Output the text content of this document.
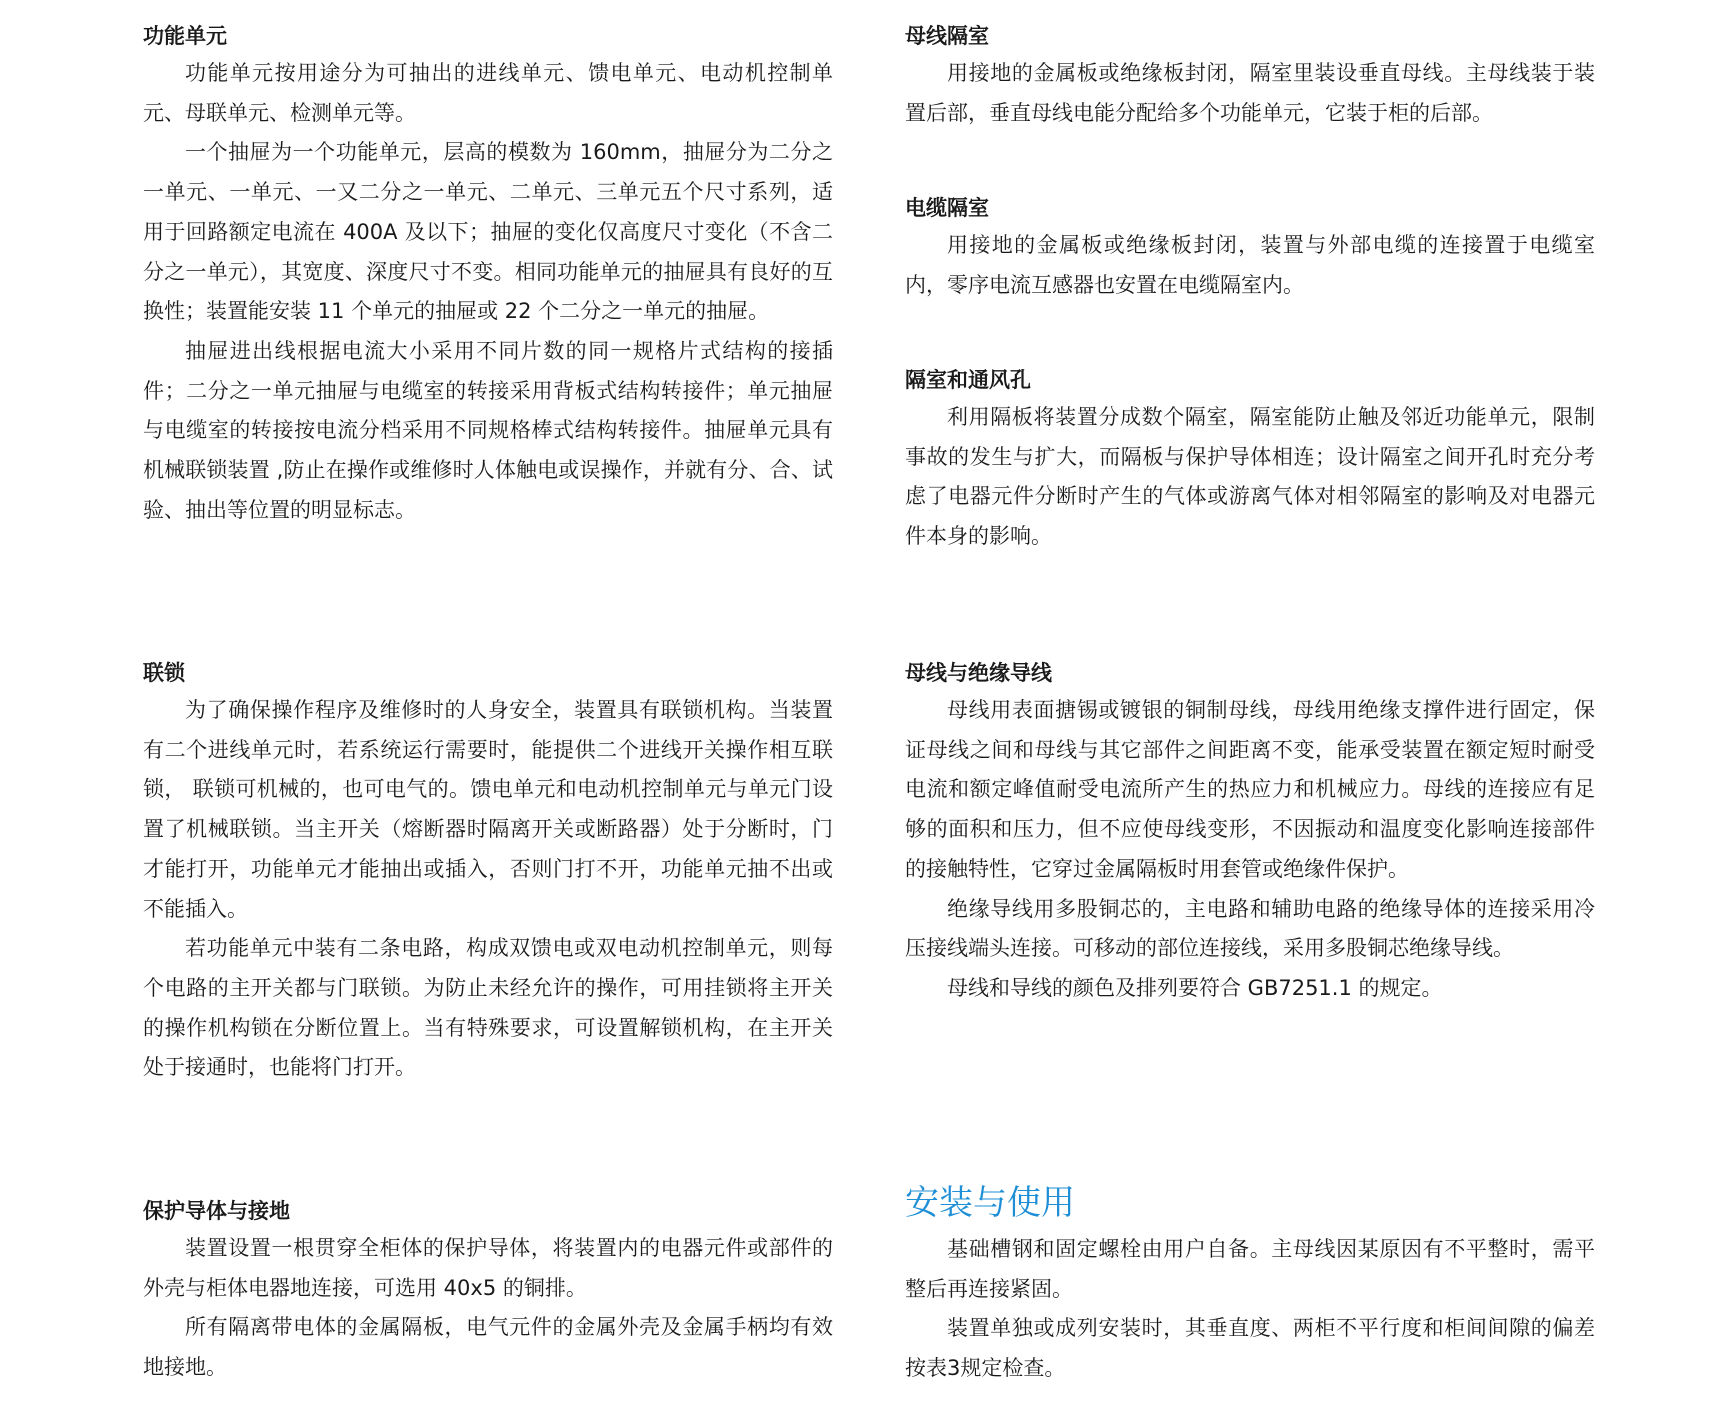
功能单元

功能单元按用途分为可抽出的进线单元、馈电单元、电动机控制单元、母联单元、检测单元等。

一个抽屉为一个功能单元，层高的模数为 160mm，抽屉分为二分之一单元、一单元、一又二分之一单元、二单元、三单元五个尺寸系列，适用于回路额定电流在 400A 及以下；抽屉的变化仅高度尺寸变化（不含二分之一单元），其宽度、深度尺寸不变。相同功能单元的抽屉具有良好的互换性；装置能安装 11 个单元的抽屉或 22 个二分之一单元的抽屉。

抽屉进出线根据电流大小采用不同片数的同一规格片式结构的接插件；二分之一单元抽屉与电缆室的转接采用背板式结构转接件；单元抽屉与电缆室的转接按电流分档采用不同规格棒式结构转接件。抽屉单元具有机械联锁装置 ,防止在操作或维修时人体触电或误操作，并就有分、合、试验、抽出等位置的明显标志。

联锁

为了确保操作程序及维修时的人身安全，装置具有联锁机构。当装置有二个进线单元时，若系统运行需要时，能提供二个进线开关操作相互联锁， 联锁可机械的，也可电气的。馈电单元和电动机控制单元与单元门设置了机械联锁。当主开关（熔断器时隔离开关或断路器）处于分断时，门才能打开，功能单元才能抽出或插入，否则门打不开，功能单元抽不出或不能插入。

若功能单元中装有二条电路，构成双馈电或双电动机控制单元，则每个电路的主开关都与门联锁。为防止未经允许的操作，可用挂锁将主开关的操作机构锁在分断位置上。当有特殊要求，可设置解锁机构，在主开关处于接通时，也能将门打开。

保护导体与接地

装置设置一根贯穿全柜体的保护导体，将装置内的电器元件或部件的外壳与柜体电器地连接，可选用 40x5 的铜排。

所有隔离带电体的金属隔板，电气元件的金属外壳及金属手柄均有效地接地。

母线隔室

用接地的金属板或绝缘板封闭，隔室里装设垂直母线。主母线装于装置后部，垂直母线电能分配给多个功能单元，它装于柜的后部。

电缆隔室

用接地的金属板或绝缘板封闭，装置与外部电缆的连接置于电缆室内，零序电流互感器也安置在电缆隔室内。

隔室和通风孔

利用隔板将装置分成数个隔室，隔室能防止触及邻近功能单元，限制事故的发生与扩大，而隔板与保护导体相连；设计隔室之间开孔时充分考虑了电器元件分断时产生的气体或游离气体对相邻隔室的影响及对电器元件本身的影响。

母线与绝缘导线

母线用表面搪锡或镀银的铜制母线，母线用绝缘支撑件进行固定，保证母线之间和母线与其它部件之间距离不变，能承受装置在额定短时耐受电流和额定峰值耐受电流所产生的热应力和机械应力。母线的连接应有足够的面积和压力，但不应使母线变形，不因振动和温度变化影响连接部件的接触特性，它穿过金属隔板时用套管或绝缘件保护。

绝缘导线用多股铜芯的，主电路和辅助电路的绝缘导体的连接采用冷压接线端头连接。可移动的部位连接线，采用多股铜芯绝缘导线。

母线和导线的颜色及排列要符合 GB7251.1 的规定。

安装与使用

基础槽钢和固定螺栓由用户自备。主母线因某原因有不平整时，需平整后再连接紧固。

装置单独或成列安装时，其垂直度、两柜不平行度和柜间间隙的偏差按表3规定检查。
